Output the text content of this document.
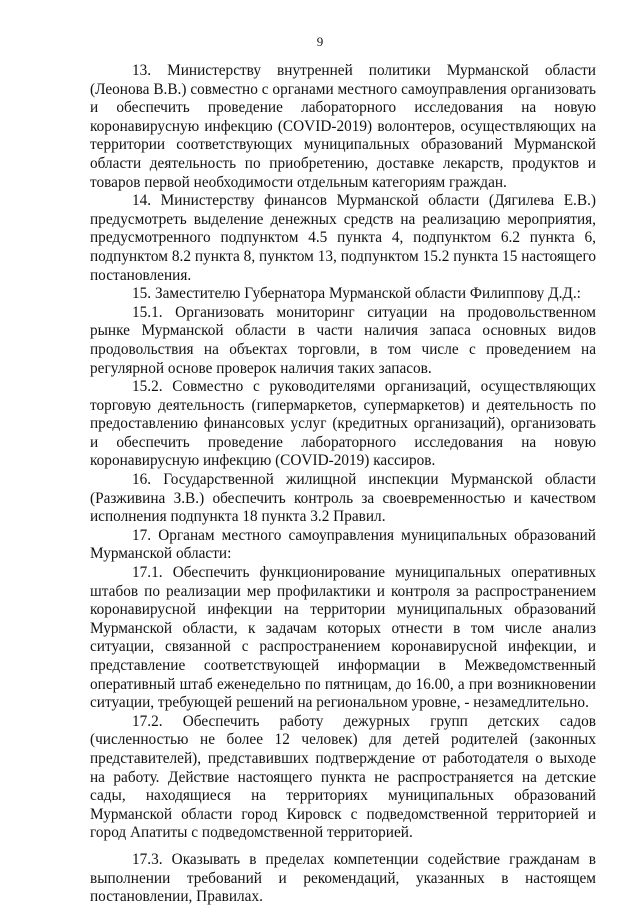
9

13. Министерству внутренней политики Мурманской области (Леонова В.В.) совместно с органами местного самоуправления организовать и обеспечить проведение лабораторного исследования на новую коронавирусную инфекцию (COVID-2019) волонтеров, осуществляющих на территории соответствующих муниципальных образований Мурманской области деятельность по приобретению, доставке лекарств, продуктов и товаров первой необходимости отдельным категориям граждан.

14. Министерству финансов Мурманской области (Дягилева Е.В.) предусмотреть выделение денежных средств на реализацию мероприятия, предусмотренного подпунктом 4.5 пункта 4, подпунктом 6.2 пункта 6, подпунктом 8.2 пункта 8, пунктом 13, подпунктом 15.2 пункта 15 настоящего постановления.

15. Заместителю Губернатора Мурманской области Филиппову Д.Д.:

15.1. Организовать мониторинг ситуации на продовольственном рынке Мурманской области в части наличия запаса основных видов продовольствия на объектах торговли, в том числе с проведением на регулярной основе проверок наличия таких запасов.

15.2. Совместно с руководителями организаций, осуществляющих торговую деятельность (гипермаркетов, супермаркетов) и деятельность по предоставлению финансовых услуг (кредитных организаций), организовать и обеспечить проведение лабораторного исследования на новую коронавирусную инфекцию (COVID-2019) кассиров.

16. Государственной жилищной инспекции Мурманской области (Разживина З.В.) обеспечить контроль за своевременностью и качеством исполнения подпункта 18 пункта 3.2 Правил.

17. Органам местного самоуправления муниципальных образований Мурманской области:

17.1. Обеспечить функционирование муниципальных оперативных штабов по реализации мер профилактики и контроля за распространением коронавирусной инфекции на территории муниципальных образований Мурманской области, к задачам которых отнести в том числе анализ ситуации, связанной с распространением коронавирусной инфекции, и представление соответствующей информации в Межведомственный оперативный штаб еженедельно по пятницам, до 16.00, а при возникновении ситуации, требующей решений на региональном уровне, - незамедлительно.

17.2. Обеспечить работу дежурных групп детских садов (численностью не более 12 человек) для детей родителей (законных представителей), представивших подтверждение от работодателя о выходе на работу. Действие настоящего пункта не распространяется на детские сады, находящиеся на территориях муниципальных образований Мурманской области город Кировск с подведомственной территорией и город Апатиты с подведомственной территорией.

17.3. Оказывать в пределах компетенции содействие гражданам в выполнении требований и рекомендаций, указанных в настоящем постановлении, Правилах.
